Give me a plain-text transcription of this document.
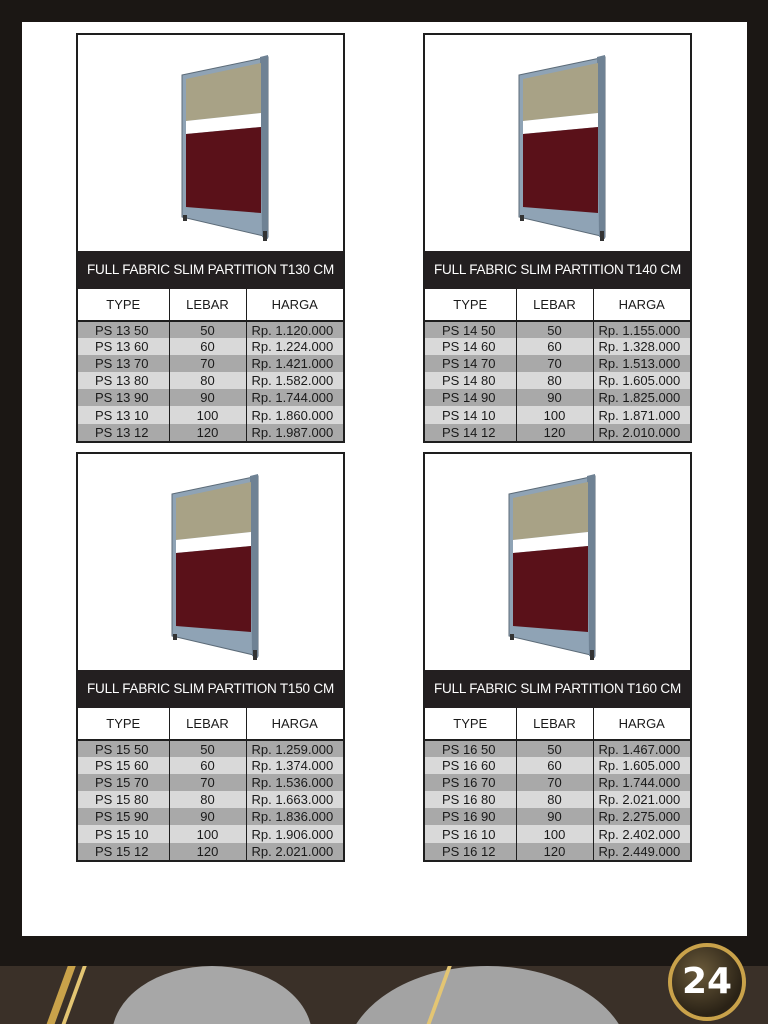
FULL FABRIC SLIM PARTITION T130 CM
TYPE	LEBAR	HARGA
PS 13 50	50	Rp. 1.120.000
PS 13 60	60	Rp. 1.224.000
PS 13 70	70	Rp. 1.421.000
PS 13 80	80	Rp. 1.582.000
PS 13 90	90	Rp. 1.744.000
PS 13 10	100	Rp. 1.860.000
PS 13 12	120	Rp. 1.987.000
FULL FABRIC SLIM PARTITION T140 CM
TYPE	LEBAR	HARGA
PS 14 50	50	Rp. 1.155.000
PS 14 60	60	Rp. 1.328.000
PS 14 70	70	Rp. 1.513.000
PS 14 80	80	Rp. 1.605.000
PS 14 90	90	Rp. 1.825.000
PS 14 10	100	Rp. 1.871.000
PS 14 12	120	Rp. 2.010.000
FULL FABRIC SLIM PARTITION T150 CM
TYPE	LEBAR	HARGA
PS 15 50	50	Rp. 1.259.000
PS 15 60	60	Rp. 1.374.000
PS 15 70	70	Rp. 1.536.000
PS 15 80	80	Rp. 1.663.000
PS 15 90	90	Rp. 1.836.000
PS 15 10	100	Rp. 1.906.000
PS 15 12	120	Rp. 2.021.000
FULL FABRIC SLIM PARTITION T160 CM
TYPE	LEBAR	HARGA
PS 16 50	50	Rp. 1.467.000
PS 16 60	60	Rp. 1.605.000
PS 16 70	70	Rp. 1.744.000
PS 16 80	80	Rp. 2.021.000
PS 16 90	90	Rp. 2.275.000
PS 16 10	100	Rp. 2.402.000
PS 16 12	120	Rp. 2.449.000
24
